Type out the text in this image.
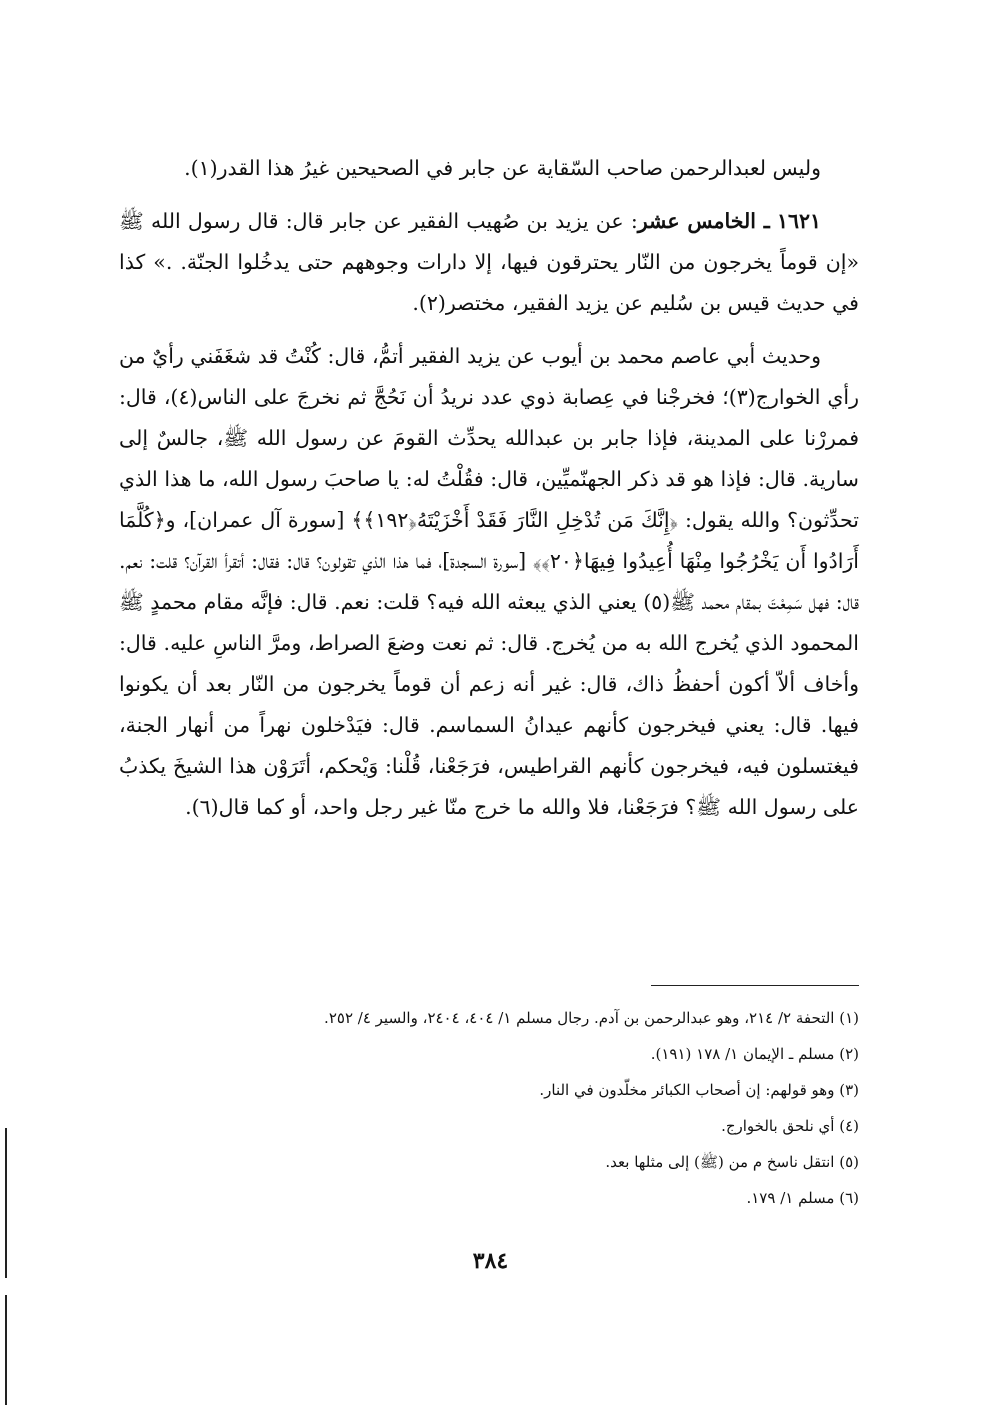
وليس لعبدالرحمن صاحب السّقاية عن جابر في الصحيحين غيرُ هذا القدر(١).

١٦٢١ ـ الخامس عشر: عن يزيد بن صُهيب الفقير عن جابر قال: قال رسول الله ﷺ «إن قوماً يخرجون من النّار يحترقون فيها، إلا دارات وجوههم حتى يدخُلوا الجنّة. .» كذا في حديث قيس بن سُليم عن يزيد الفقير، مختصر(٢).

وحديث أبي عاصم محمد بن أيوب عن يزيد الفقير أتمُّ، قال: كُنْتُ قد شغَفَني رأيٌ من رأي الخوارج(٣)؛ فخرجْنا في عِصابة ذوي عدد نريدُ أن نَحُجَّ ثم نخرجَ على الناس(٤)، قال: فمررْنا على المدينة، فإذا جابر بن عبدالله يحدِّث القومَ عن رسول الله ﷺ، جالسٌ إلى سارية. قال: فإذا هو قد ذكر الجهنّميِّين، قال: فقُلْتُ له: يا صاحبَ رسول الله، ما هذا الذي تحدِّثون؟ والله يقول: ﴿إِنَّكَ مَن تُدْخِلِ النَّارَ فَقَدْ أَخْزَيْتَهُ﴿١٩٢﴾﴾ [سورة آل عمران]، و﴿كُلَّمَا أَرَادُوا أَن يَخْرُجُوا مِنْهَا أُعِيدُوا فِيهَا﴿٢٠﴾﴾ [سورة السجدة]، فما هذا الذي تقولون؟ قال: فقال: أتقرأ القرآن؟ قلت: نعم. قال: فهل سَمِعْتَ بمقام محمد ﷺ(٥) يعني الذي يبعثه الله فيه؟ قلت: نعم. قال: فإنَّه مقام محمدٍ ﷺ المحمود الذي يُخرج الله به من يُخرج. قال: ثم نعت وضعَ الصراط، ومرَّ الناسِ عليه. قال: وأخاف ألاّ أكون أحفظُ ذاك، قال: غير أنه زعم أن قوماً يخرجون من النّار بعد أن يكونوا فيها. قال: يعني فيخرجون كأنهم عيدانُ السماسم. قال: فيَدْخلون نهراً من أنهار الجنة، فيغتسلون فيه، فيخرجون كأنهم القراطيس، فرَجَعْنا، قُلْنا: وَيْحكم، أتَرَوْن هذا الشيخَ يكذبُ على رسول الله ﷺ؟ فرَجَعْنا، فلا والله ما خرج منّا غير رجل واحد، أو كما قال(٦).

(١) التحفة ٢/ ٢١٤، وهو عبدالرحمن بن آدم. رجال مسلم ١/ ٤٠٤، ٢٤٠٤، والسير ٤/ ٢٥٢.

(٢) مسلم ـ الإيمان ١/ ١٧٨ (١٩١).

(٣) وهو قولهم: إن أصحاب الكبائر مخلّدون في النار.

(٤) أي نلحق بالخوارج.

(٥) انتقل ناسخ م من (ﷺ) إلى مثلها بعد.

(٦) مسلم ١/ ١٧٩.

٣٨٤
